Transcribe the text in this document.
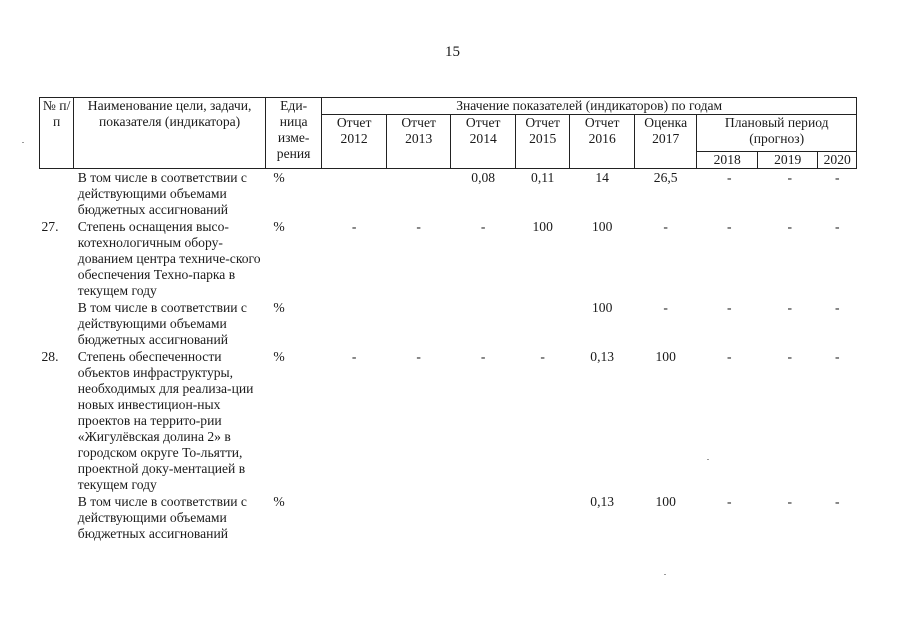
15
№ п/п	Наименование цели, задачи, показателя (индикатора)	Еди-ница изме-рения	Значение показателей (индикаторов) по годам								
			Отчет 2012	Отчет 2013	Отчет 2014	Отчет 2015	Отчет 2016	Оценка 2017	Плановый период (прогноз)		
									2018	2019	2020
	В том числе в соответствии с действующими объемами бюджетных ассигнований	%			0,08	0,11	14	26,5	-	-	-
27.	Степень оснащения высо-котехнологичным обору-дованием центра техниче-ского обеспечения Техно-парка в текущем году	%	-	-	-	100	100	-	-	-	-
	В том числе в соответствии с действующими объемами бюджетных ассигнований	%					100	-	-	-	-
28.	Степень обеспеченности объектов инфраструктуры, необходимых для реализа-ции новых инвестицион-ных проектов на террито-рии «Жигулёвская долина 2» в городском округе То-льятти, проектной доку-ментацией в текущем году	%	-	-	-	-	0,13	100	-	-	-
	В том числе в соответствии с действующими объемами бюджетных ассигнований	%					0,13	100	-	-	-
